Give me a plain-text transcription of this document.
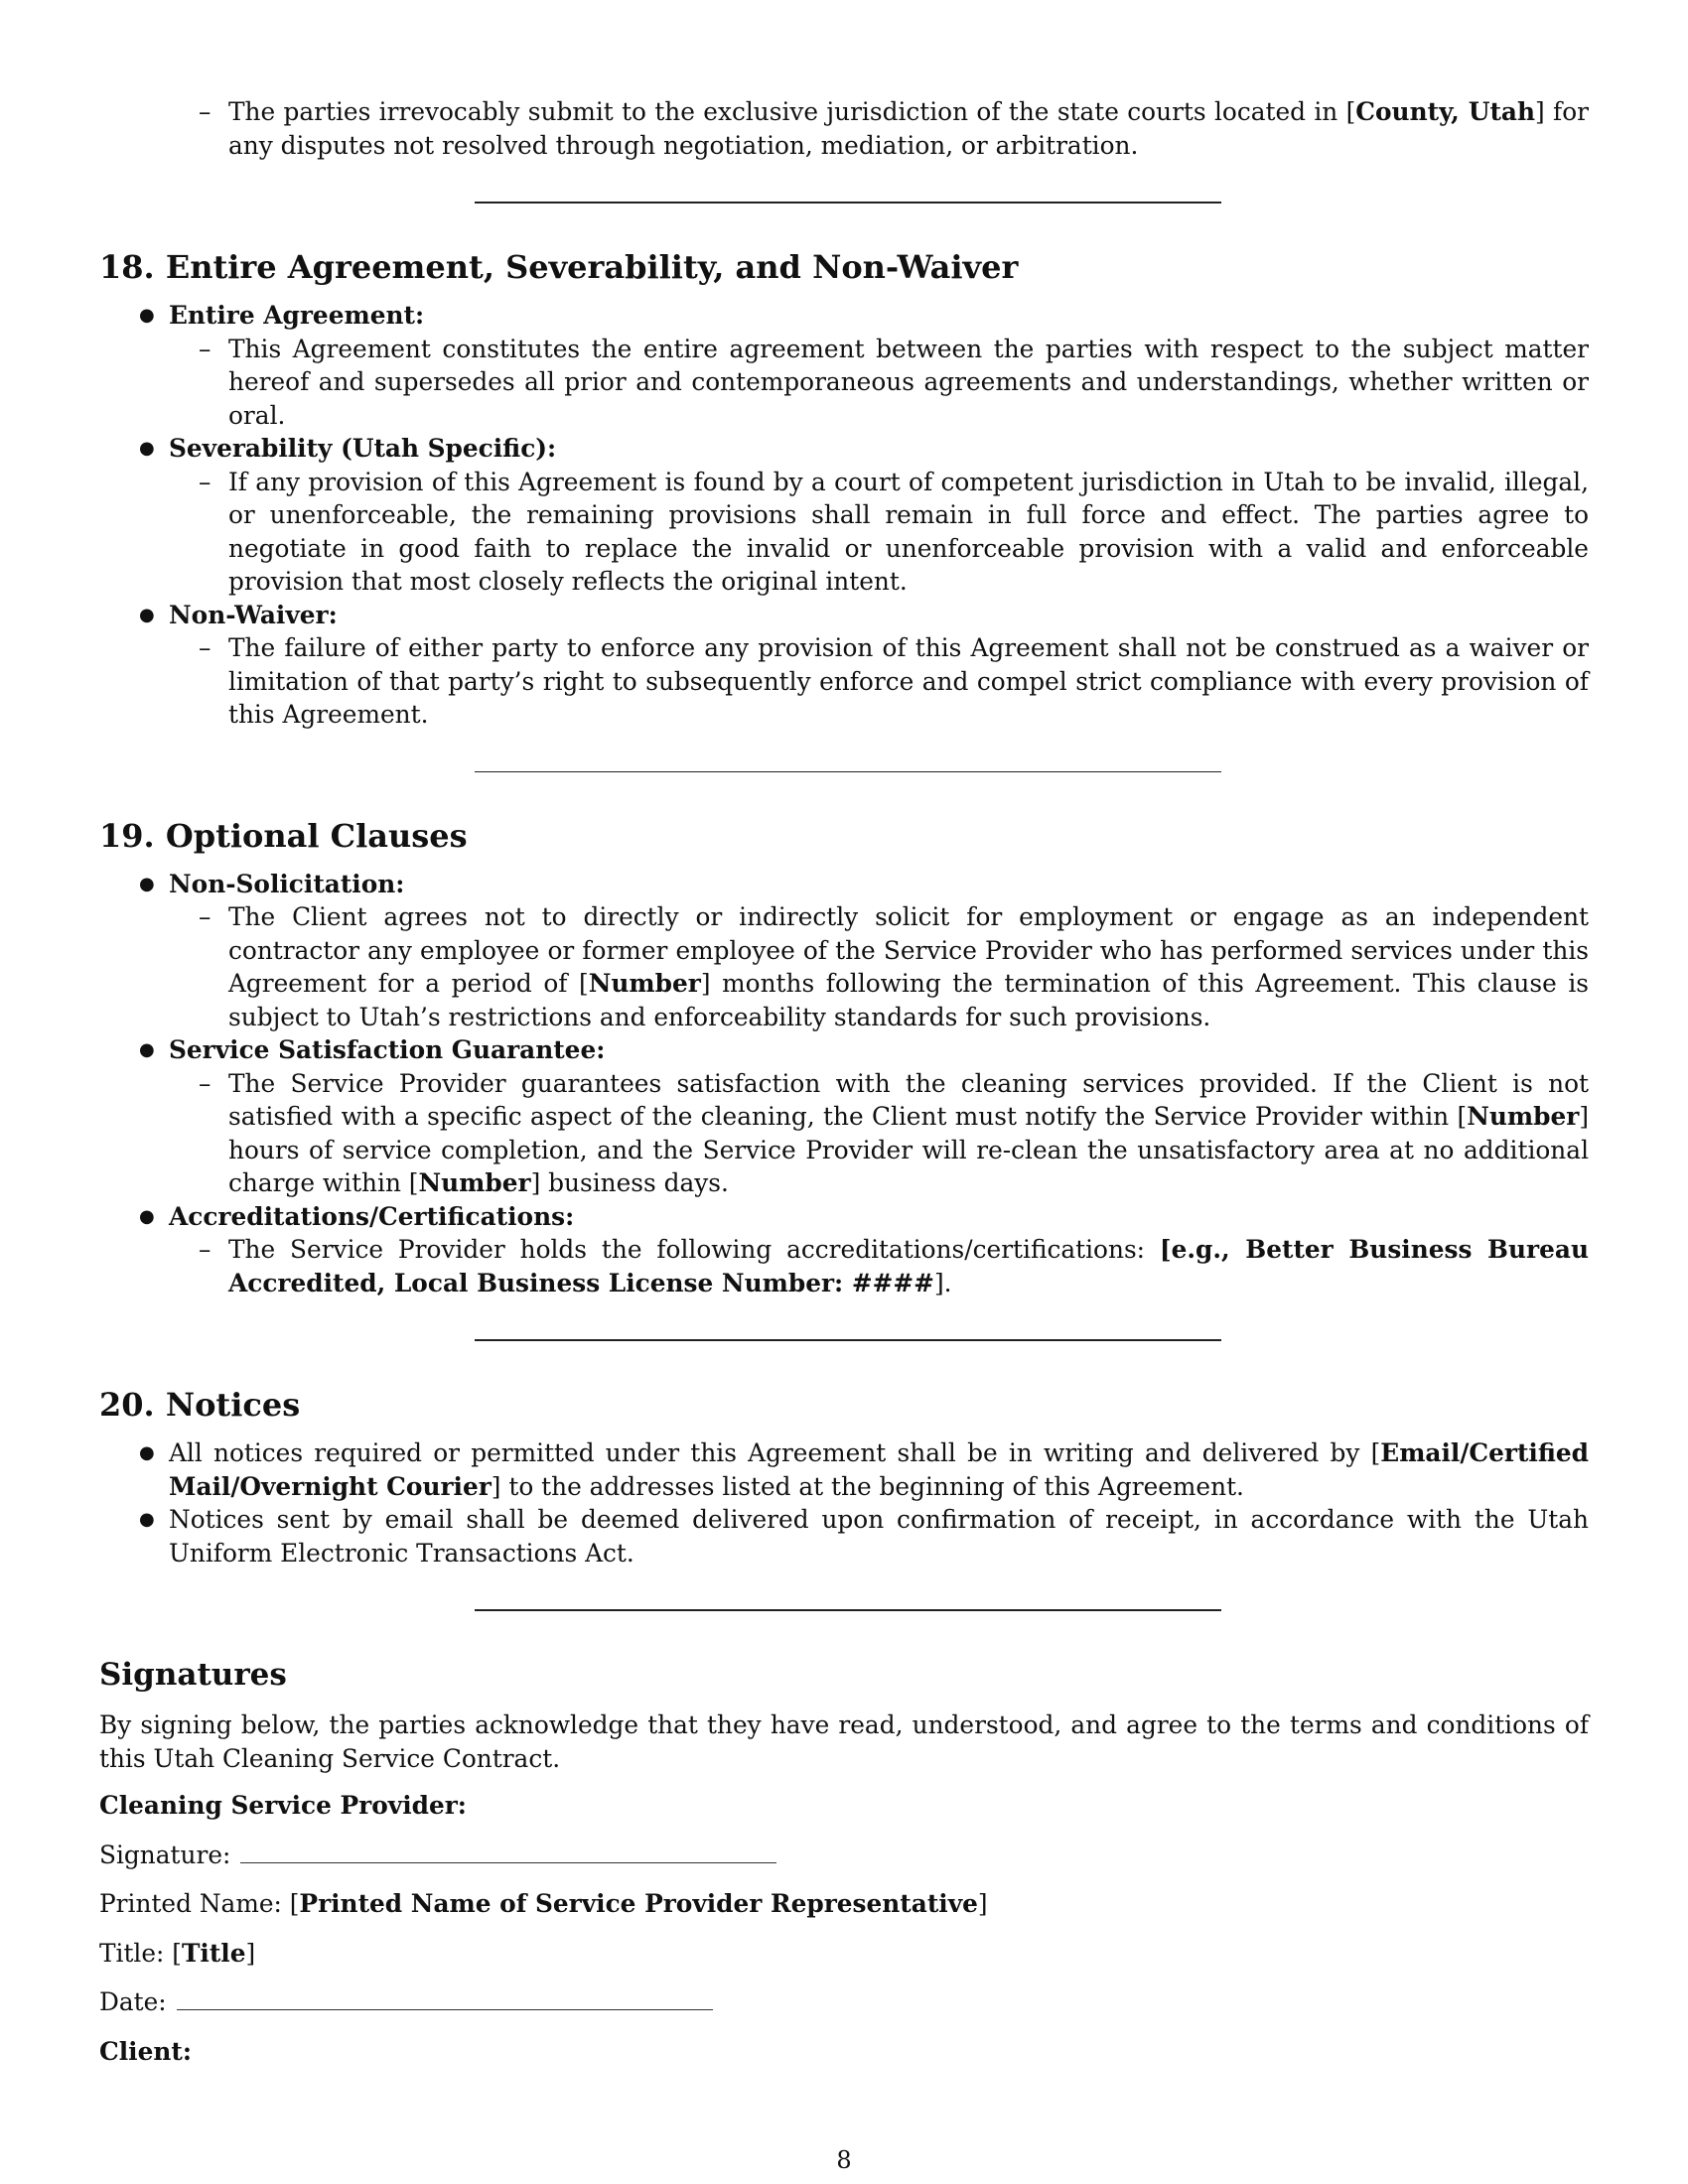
– The parties irrevocably submit to the exclusive jurisdiction of the state courts located in [County, Utah] for any disputes not resolved through negotiation, mediation, or arbitration.

18. Entire Agreement, Severability, and Non-Waiver

● Entire Agreement:

– This Agreement constitutes the entire agreement between the parties with respect to the subject matter hereof and supersedes all prior and contemporaneous agreements and understandings, whether written or oral.

● Severability (Utah Specific):

– If any provision of this Agreement is found by a court of competent jurisdiction in Utah to be invalid, illegal, or unenforceable, the remaining provisions shall remain in full force and effect. The parties agree to negotiate in good faith to replace the invalid or unenforceable provision with a valid and enforceable provision that most closely reflects the original intent.

● Non-Waiver:

– The failure of either party to enforce any provision of this Agreement shall not be construed as a waiver or limitation of that party’s right to subsequently enforce and compel strict compliance with every provision of this Agreement.

19. Optional Clauses

● Non-Solicitation:

– The Client agrees not to directly or indirectly solicit for employment or engage as an independent contractor any employee or former employee of the Service Provider who has performed services under this Agreement for a period of [Number] months following the termination of this Agreement. This clause is subject to Utah’s restrictions and enforceability standards for such provisions.

● Service Satisfaction Guarantee:

– The Service Provider guarantees satisfaction with the cleaning services provided. If the Client is not satisfied with a specific aspect of the cleaning, the Client must notify the Service Provider within [Number] hours of service completion, and the Service Provider will re-clean the unsatisfactory area at no additional charge within [Number] business days.

● Accreditations/Certifications:

– The Service Provider holds the following accreditations/certifications: [e.g., Better Business Bureau Accredited, Local Business License Number: ####].

20. Notices

● All notices required or permitted under this Agreement shall be in writing and delivered by [Email/Certified Mail/Overnight Courier] to the addresses listed at the beginning of this Agreement.

● Notices sent by email shall be deemed delivered upon confirmation of receipt, in accordance with the Utah Uniform Electronic Transactions Act.

Signatures

By signing below, the parties acknowledge that they have read, understood, and agree to the terms and conditions of this Utah Cleaning Service Contract.

Cleaning Service Provider:

Signature:

Printed Name: [Printed Name of Service Provider Representative]

Title: [Title]

Date:

Client:

8
